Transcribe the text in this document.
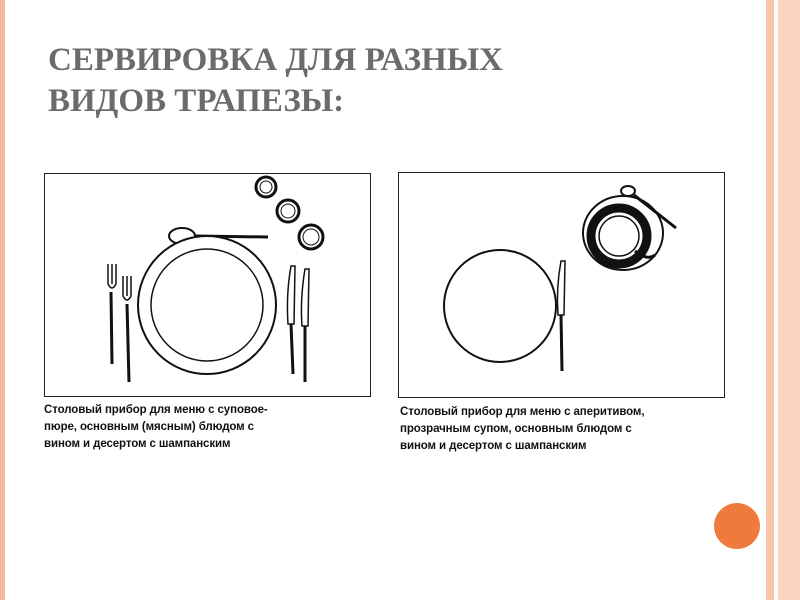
СЕРВИРОВКА ДЛЯ РАЗНЫХ
ВИДОВ ТРАПЕЗЫ:
Столовый прибор для меню с суповое-
пюре, основным (мясным) блюдом с
вином и десертом с шампанским
Столовый прибор для меню с аперитивом,
прозрачным супом, основным блюдом с
вином и десертом с шампанским
